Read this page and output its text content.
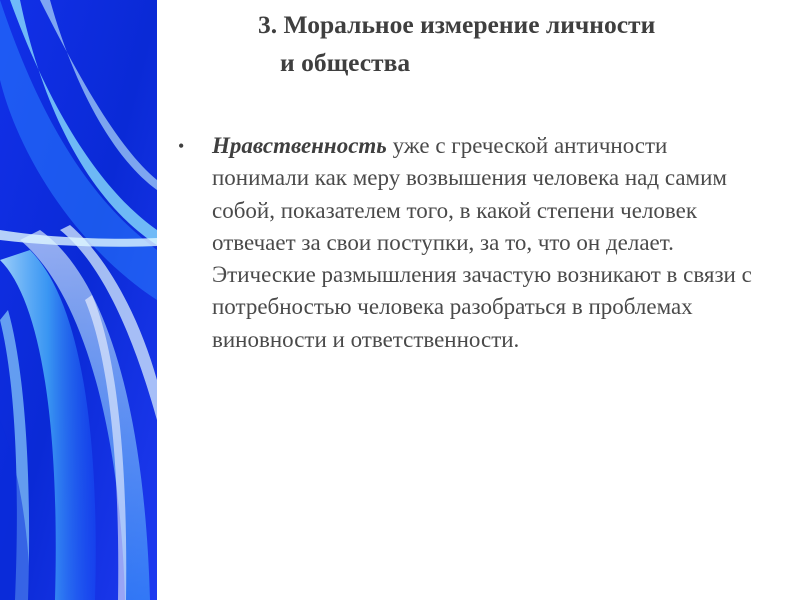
3. Моральное измерение личности
и общества
• Нравственность уже с греческой античности понимали как меру возвышения человека над самим собой, показателем того, в какой степени человек отвечает за свои поступки, за то, что он делает. Этические размышления зачастую возникают в связи с потребностью человека разобраться в проблемах виновности и ответственности.
